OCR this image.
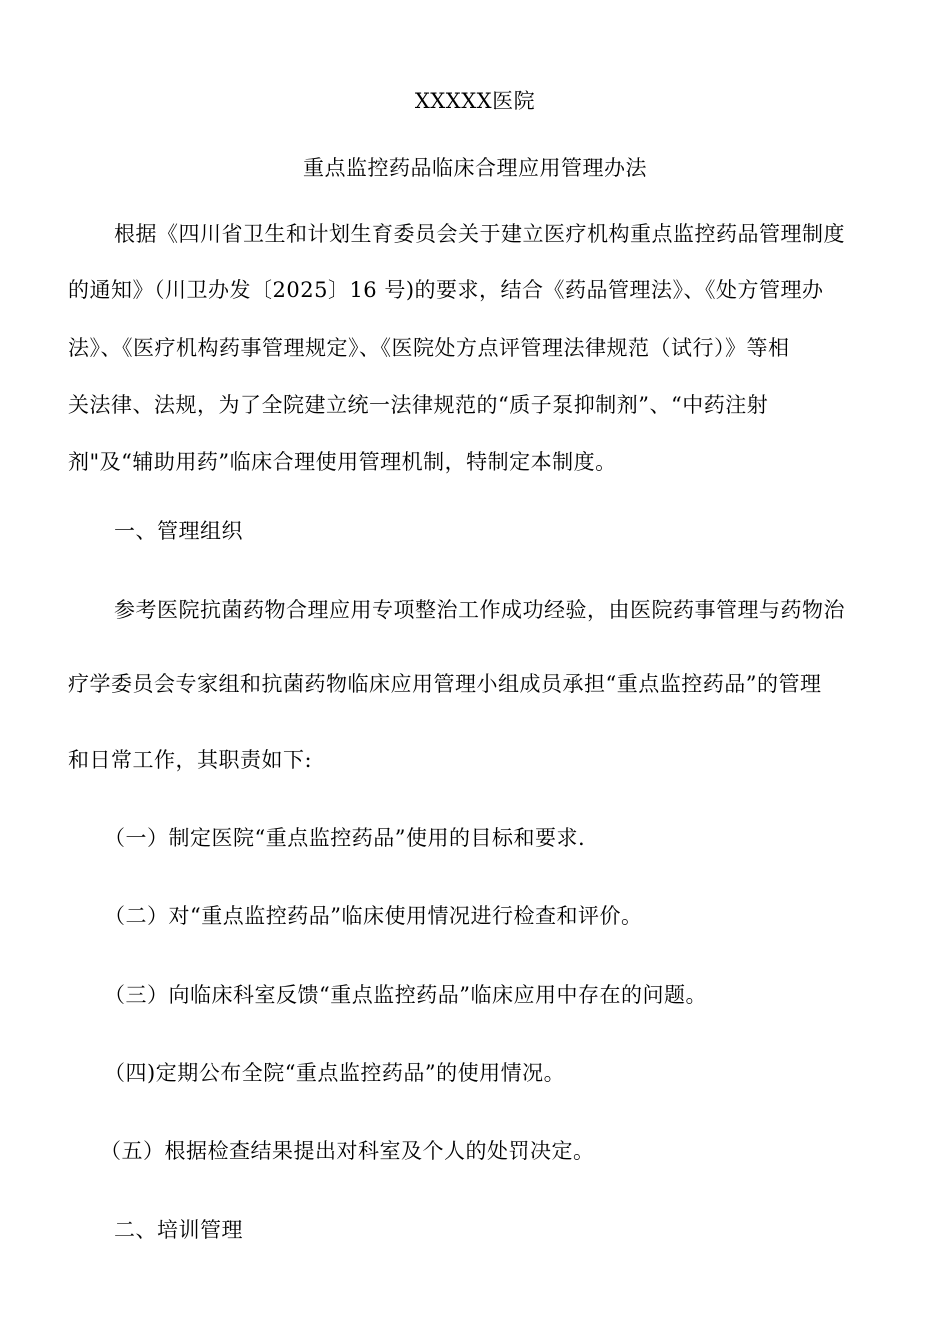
XXXXX医院
重点监控药品临床合理应用管理办法
根据《四川省卫生和计划生育委员会关于建立医疗机构重点监控药品管理制度
的通知》（川卫办发〔2025〕16 号)的要求，结合《药品管理法》、《处方管理办
法》、《医疗机构药事管理规定》、《医院处方点评管理法律规范（试行）》等相
关法律、法规，为了全院建立统一法律规范的“质子泵抑制剂”、“中药注射
剂"及“辅助用药”临床合理使用管理机制，特制定本制度。
一、管理组织
参考医院抗菌药物合理应用专项整治工作成功经验，由医院药事管理与药物治
疗学委员会专家组和抗菌药物临床应用管理小组成员承担“重点监控药品”的管理
和日常工作，其职责如下:
（一）制定医院“重点监控药品”使用的目标和要求.
（二）对“重点监控药品”临床使用情况进行检查和评价。
（三）向临床科室反馈“重点监控药品”临床应用中存在的问题。
（四)定期公布全院“重点监控药品”的使用情况。
（五）根据检查结果提出对科室及个人的处罚决定。
二、培训管理
